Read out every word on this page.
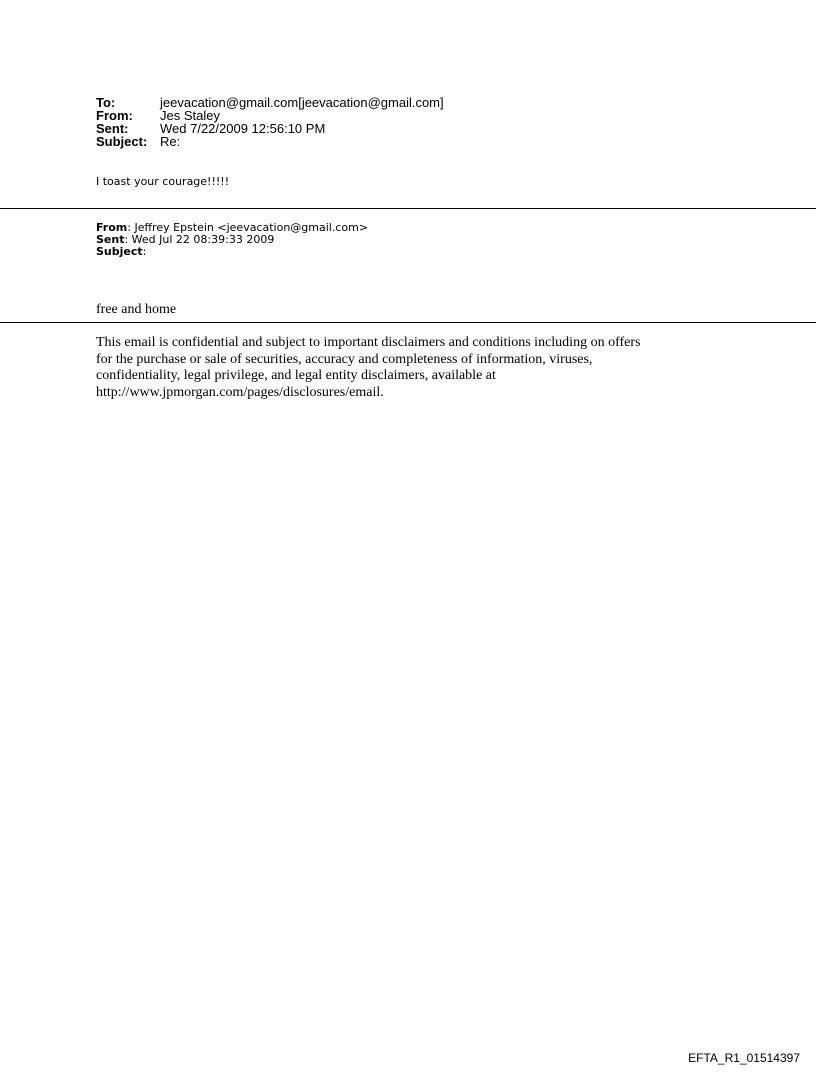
To:	jeevacation@gmail.com[jeevacation@gmail.com]
From:	Jes Staley
Sent:	Wed 7/22/2009 12:56:10 PM
Subject: Re:
I toast your courage!!!!!
From: Jeffrey Epstein <jeevacation@gmail.com>
Sent: Wed Jul 22 08:39:33 2009
Subject:
free and home
This email is confidential and subject to important disclaimers and conditions including on offers
for the purchase or sale of securities, accuracy and completeness of information, viruses,
confidentiality, legal privilege, and legal entity disclaimers, available at
http://www.jpmorgan.com/pages/disclosures/email.
EFTA_R1_01514397
